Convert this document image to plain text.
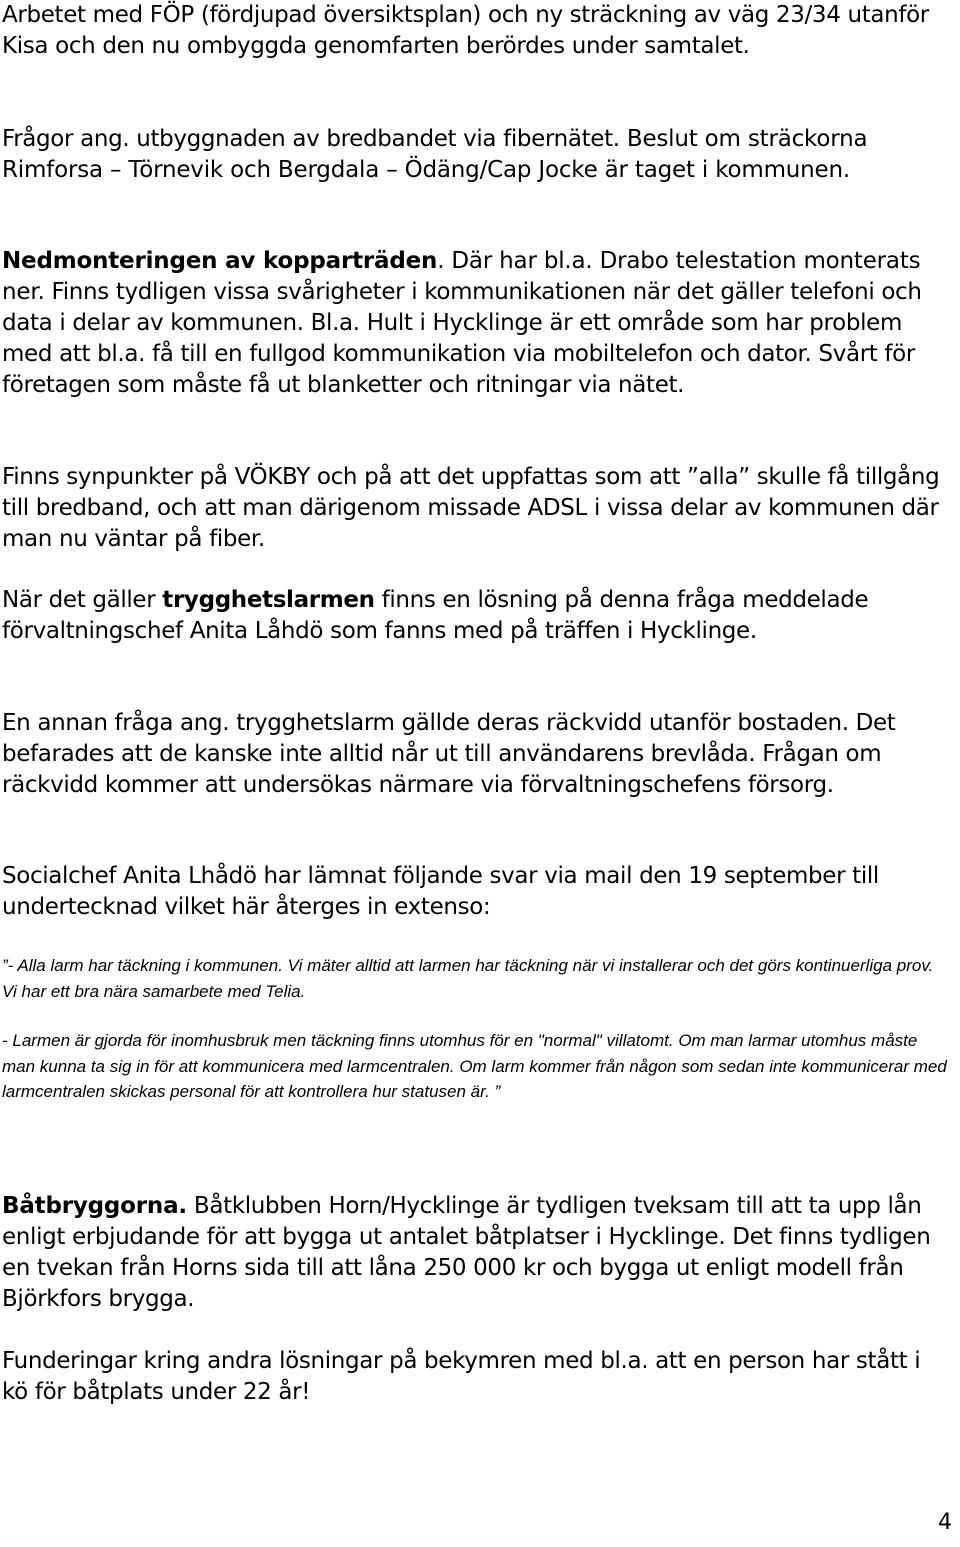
Arbetet med FÖP (fördjupad översiktsplan) och ny sträckning av väg 23/34 utanför Kisa och den nu ombyggda genomfarten berördes under samtalet.

Frågor ang. utbyggnaden av bredbandet via fibernätet. Beslut om sträckorna Rimforsa – Törnevik och Bergdala – Ödäng/Cap Jocke är taget i kommunen.

Nedmonteringen av kopparträden. Där har bl.a. Drabo telestation monterats ner. Finns tydligen vissa svårigheter i kommunikationen när det gäller telefoni och data i delar av kommunen. Bl.a. Hult i Hycklinge är ett område som har problem med att bl.a. få till en fullgod kommunikation via mobiltelefon och dator. Svårt för företagen som måste få ut blanketter och ritningar via nätet.

Finns synpunkter på VÖKBY och på att det uppfattas som att ”alla” skulle få tillgång till bredband, och att man därigenom missade ADSL i vissa delar av kommunen där man nu väntar på fiber.

När det gäller trygghetslarmen finns en lösning på denna fråga meddelade förvaltningschef Anita Låhdö som fanns med på träffen i Hycklinge.

En annan fråga ang. trygghetslarm gällde deras räckvidd utanför bostaden. Det befarades att de kanske inte alltid når ut till användarens brevlåda. Frågan om räckvidd kommer att undersökas närmare via förvaltningschefens försorg.

Socialchef Anita Lhådö har lämnat följande svar via mail den 19 september till undertecknad vilket här återges in extenso:

”- Alla larm har täckning i kommunen. Vi mäter alltid att larmen har täckning när vi installerar och det görs kontinuerliga prov. Vi har ett bra nära samarbete med Telia.

- Larmen är gjorda för inomhusbruk men täckning finns utomhus för en "normal" villatomt. Om man larmar utomhus måste man kunna ta sig in för att kommunicera med larmcentralen. Om larm kommer från någon som sedan inte kommunicerar med larmcentralen skickas personal för att kontrollera hur statusen är. ”

Båtbryggorna. Båtklubben Horn/Hycklinge är tydligen tveksam till att ta upp lån enligt erbjudande för att bygga ut antalet båtplatser i Hycklinge. Det finns tydligen en tvekan från Horns sida till att låna 250 000 kr och bygga ut enligt modell från Björkfors brygga.

Funderingar kring andra lösningar på bekymren med bl.a. att en person har stått i kö för båtplats under 22 år!

4
